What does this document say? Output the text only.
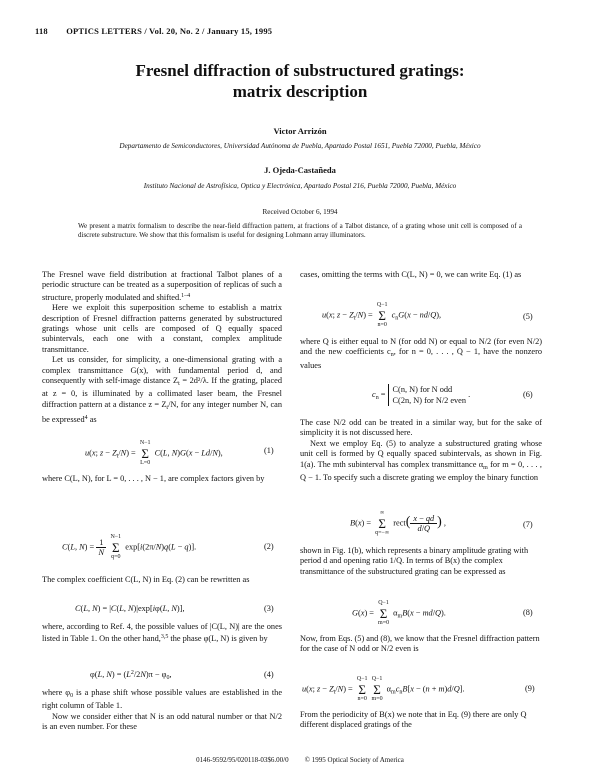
118 OPTICS LETTERS / Vol. 20, No. 2 / January 15, 1995
Fresnel diffraction of substructured gratings:
matrix description
Victor Arrizón
Departamento de Semiconductores, Universidad Autónoma de Puebla, Apartado Postal 1651, Puebla 72000, Puebla, México
J. Ojeda-Castañeda
Instituto Nacional de Astrofísica, Optica y Electrónica, Apartado Postal 216, Puebla 72000, Puebla, México
Received October 6, 1994
We present a matrix formalism to describe the near-field diffraction pattern, at fractions of a Talbot distance, of a grating whose unit cell is composed of a discrete substructure. We show that this formalism is useful for designing Lohmann array illuminators.

The Fresnel wave field distribution at fractional Talbot planes of a periodic structure can be treated as a superposition of replicas of such a structure, properly modulated and shifted.$^{1-4}$

Here we exploit this superposition scheme to establish a matrix description of Fresnel diffraction patterns generated by substructured gratings whose unit cells are composed of Q equally spaced subintervals, each one with a constant, complex amplitude transmittance.

Let us consider, for simplicity, a one-dimensional grating with a complex transmittance G(x), with fundamental period d, and consequently with self-image distance $Z_t = 2d^2/\lambda$. If the grating, placed at z = 0, is illuminated by a collimated laser beam, the Fresnel diffraction pattern at a distance $z = Z_t/N$, for any integer number N, can be expressed$^4$ as

u(x; $z - Z_t/N) = N-1$
Σ
L=0 C(L, N)G(x − Ld/N),	(1)
where C(L, N), for L = 0, . . . , N − 1, are complex factors given by
C(L, $N) = \frac{1}{N}$
N−1
Σ
q=0 exp[i(2π/N)q(L − q)].	(2)
The complex coefficient C(L, N) in Eq. (2) can be rewritten as
C(L, N) = |C(L, N)|exp[iφ(L, N)],	(3)

where, according to Ref. 4, the possible values of |C(L, N)| are the ones listed in Table 1. On the other hand,$^{3,5}$ the phase φ(L, N) is given by

φ(L, $N) = (L^2/2N)\pi - \varphi_0$,	(4)

where $\varphi_0$ is a phase shift whose possible values are established in the right column of Table 1.

Now we consider either that N is an odd natural number or that N/2 is an even number. For these

cases, omitting the terms with C(L, N) = 0, we can write Eq. (1) as
u(x; $z - Z_t/N) = Q-1$
Σ
n=0 $c_nG(x - nd/Q)$,	(5)

where Q is either equal to N (for odd N) or equal to N/2 (for even N/2) and the new coefficients $c_n$, for n = 0, . . . , Q − 1, have the nonzero values

$c_n$ =
C(n, N) for N odd
C(2n, N) for N/2 even
.	(6)

The case N/2 odd can be treated in a similar way, but for the sake of simplicity it is not discussed here.

Next we employ Eq. (5) to analyze a substructured grating whose unit cell is formed by Q equally spaced subintervals, as shown in Fig. 1(a). The mth subinterval has complex transmittance $\alpha_m$ for m = 0, . . . , Q − 1. To specify such a discrete grating we employ the binary function

B(x) = ∞
Σ
q=−∞ rect( $\frac{x - qd}{d/Q}$ ) ,	(7)
shown in Fig. 1(b), which represents a binary amplitude grating with period d and opening ratio 1/Q. In terms of B(x) the complex transmittance of the substructured grating can be expressed as
G(x) = Q−1
Σ
m=0 $\alpha_mB(x - md/Q)$.	(8)
Now, from Eqs. (5) and (8), we know that the Fresnel diffraction pattern for the case of N odd or N/2 even is
u(x; $z - Z_t/N) = Q-1$
Σ
n=0Q−1
Σ
m=0 $\alpha_mc_nB[x - (n + m)d/Q]$.	(9)
From the periodicity of B(x) we note that in Eq. (9) there are only Q different displaced gratings of the
0146-9592/95/020118-03$6.00/0 © 1995 Optical Society of America
